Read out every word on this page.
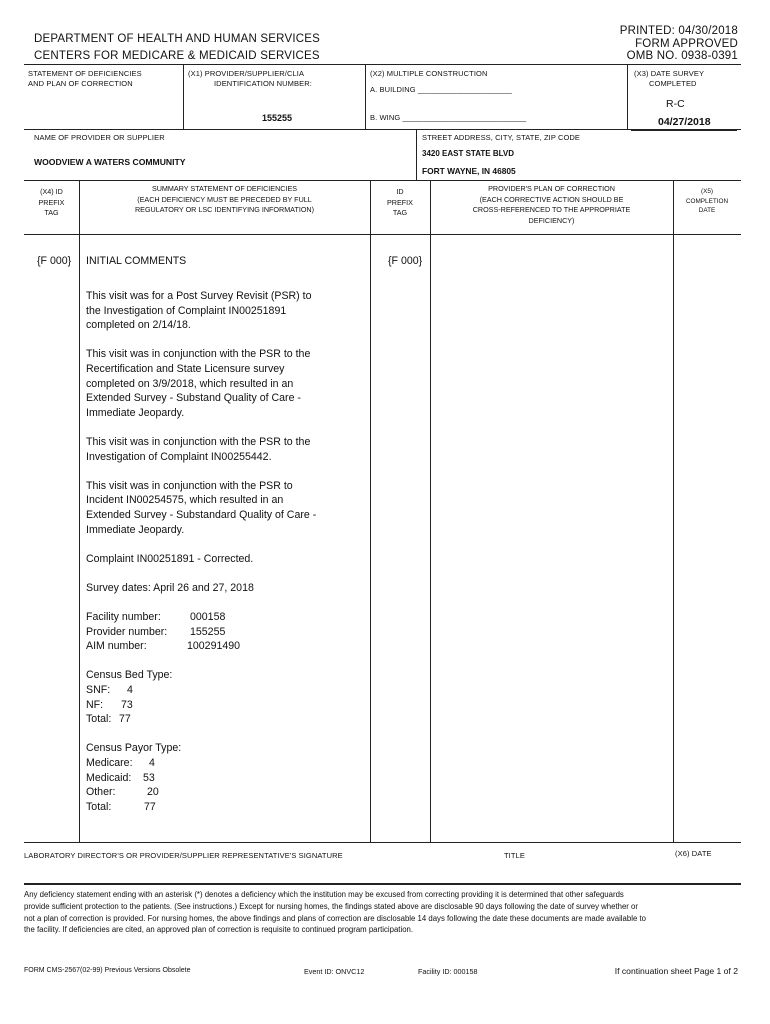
DEPARTMENT OF HEALTH AND HUMAN SERVICES
CENTERS FOR MEDICARE & MEDICAID SERVICES
PRINTED: 04/30/2018
FORM APPROVED
OMB NO. 0938-0391
STATEMENT OF DEFICIENCIES
AND PLAN OF CORRECTION
(X1) PROVIDER/SUPPLIER/CLIA
IDENTIFICATION NUMBER:
155255
(X2) MULTIPLE CONSTRUCTION
A. BUILDING ______________________
B. WING _____________________________
(X3) DATE SURVEY
COMPLETED
R-C
04/27/2018
NAME OF PROVIDER OR SUPPLIER
WOODVIEW A WATERS COMMUNITY
STREET ADDRESS, CITY, STATE, ZIP CODE
3420 EAST STATE BLVD
FORT WAYNE, IN 46805
(X4) ID
PREFIX
TAG
SUMMARY STATEMENT OF DEFICIENCIES
(EACH DEFICIENCY MUST BE PRECEDED BY FULL
REGULATORY OR LSC IDENTIFYING INFORMATION)
ID
PREFIX
TAG
PROVIDER'S PLAN OF CORRECTION
(EACH CORRECTIVE ACTION SHOULD BE
CROSS-REFERENCED TO THE APPROPRIATE
DEFICIENCY)
(X5)
COMPLETION
DATE
{F 000}	{F 000}
INITIAL COMMENTS

This visit was for a Post Survey Revisit (PSR) to
the Investigation of Complaint IN00251891
completed on 2/14/18.

This visit was in conjunction with the PSR to the
Recertification and State Licensure survey
completed on 3/9/2018, which resulted in an
Extended Survey - Substand Quality of Care -
Immediate Jeopardy.

This visit was in conjunction with the PSR to the
Investigation of Complaint IN00255442.

This visit was in conjunction with the PSR to
Incident IN00254575, which resulted in an
Extended Survey - Substandard Quality of Care -
Immediate Jeopardy.

Complaint IN00251891 - Corrected.

Survey dates: April 26 and 27, 2018

Facility number:	000158
Provider number: 155255
AIM number:	100291490
Census Bed Type:
SNF: 4
NF: 73
Total: 77
Census Payor Type:
Medicare: 4
Medicaid: 53
Other:	20
Total:	77
LABORATORY DIRECTOR'S OR PROVIDER/SUPPLIER REPRESENTATIVE'S SIGNATURE	TITLE	(X6) DATE
Any deficiency statement ending with an asterisk (*) denotes a deficiency which the institution may be excused from correcting providing it is determined that other safeguards provide sufficient protection to the patients. (See instructions.) Except for nursing homes, the findings stated above are disclosable 90 days following the date of survey whether or not a plan of correction is provided. For nursing homes, the above findings and plans of correction are disclosable 14 days following the date these documents are made available to the facility. If deficiencies are cited, an approved plan of correction is requisite to continued program participation.
FORM CMS-2567(02-99) Previous Versions Obsolete	Event ID: ONVC12	Facility ID: 000158	If continuation sheet Page 1 of 2
